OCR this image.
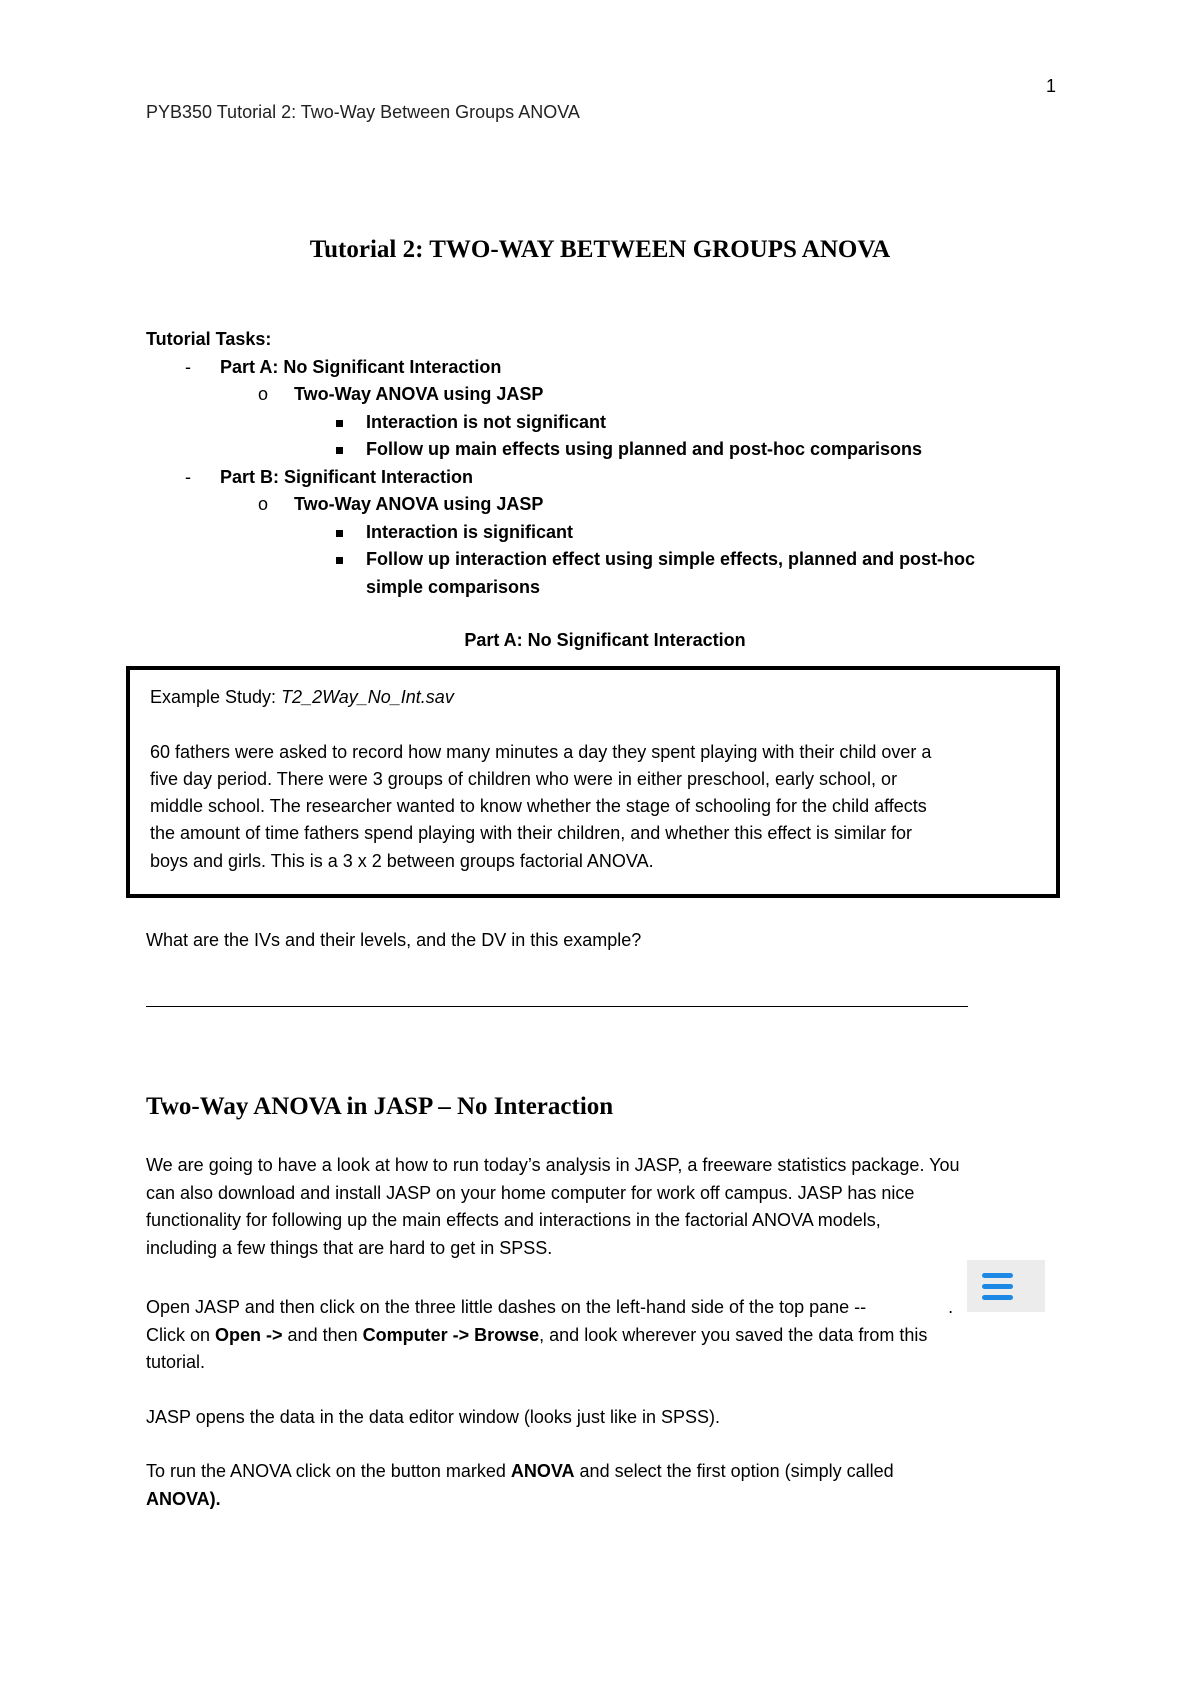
1
PYB350 Tutorial 2: Two-Way Between Groups ANOVA
Tutorial 2: TWO-WAY BETWEEN GROUPS ANOVA
Tutorial Tasks:
- Part A: No Significant Interaction
o Two-Way ANOVA using JASP
Interaction is not significant
Follow up main effects using planned and post-hoc comparisons
- Part B: Significant Interaction
o Two-Way ANOVA using JASP
Interaction is significant
Follow up interaction effect using simple effects, planned and post-hoc
simple comparisons
Part A: No Significant Interaction

Example Study: T2_2Way_No_Int.sav

60 fathers were asked to record how many minutes a day they spent playing with their child over a

five day period. There were 3 groups of children who were in either preschool, early school, or

middle school. The researcher wanted to know whether the stage of schooling for the child affects

the amount of time fathers spend playing with their children, and whether this effect is similar for

boys and girls. This is a 3 x 2 between groups factorial ANOVA.

What are the IVs and their levels, and the DV in this example?
Two-Way ANOVA in JASP – No Interaction

We are going to have a look at how to run today’s analysis in JASP, a freeware statistics package. You

can also download and install JASP on your home computer for work off campus. JASP has nice

functionality for following up the main effects and interactions in the factorial ANOVA models,

including a few things that are hard to get in SPSS.

Open JASP and then click on the three little dashes on the left-hand side of the top pane --	.

Click on Open -> and then Computer -> Browse, and look wherever you saved the data from this

tutorial.

JASP opens the data in the data editor window (looks just like in SPSS).

To run the ANOVA click on the button marked ANOVA and select the first option (simply called

ANOVA).
